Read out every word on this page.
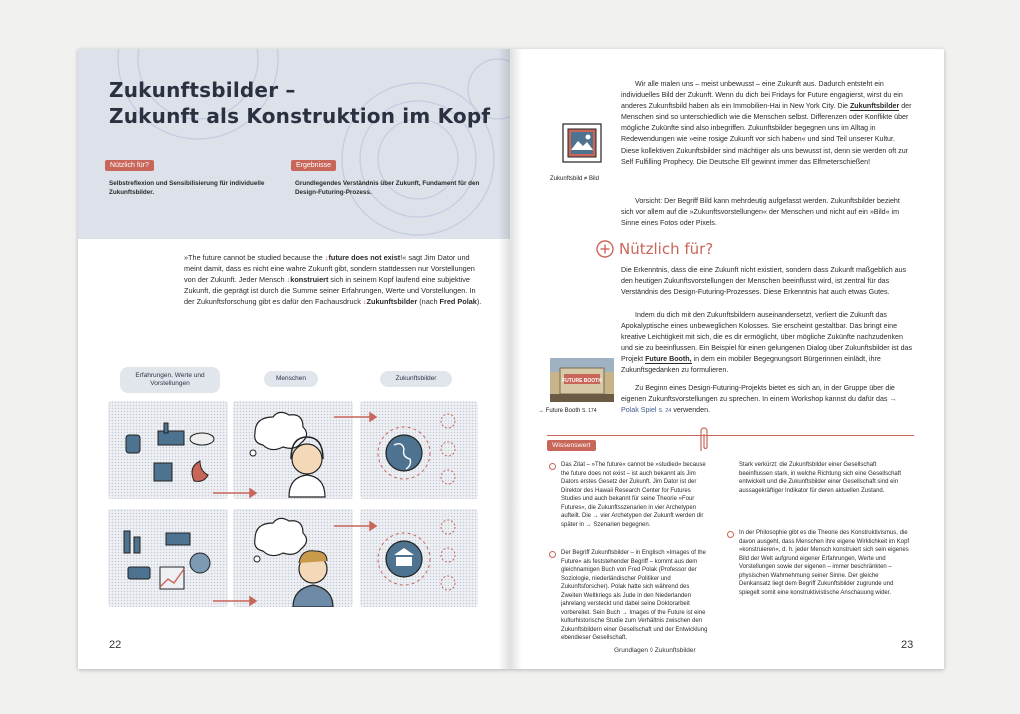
Zukunftsbilder –
Zukunft als Konstruktion im Kopf
Nützlich für?
Selbstreflexion und Sensibilisierung für individuelle Zukunftsbilder.
Ergebnisse
Grundlegendes Verständnis über Zukunft, Fundament für den Design-Futuring-Prozess.
»The future cannot be studied because the ↓future does not exist!« sagt Jim Dator und meint damit, dass es nicht eine wahre Zukunft gibt, sondern stattdessen nur Vorstellungen von der Zukunft. Jeder Mensch ↓konstruiert sich in seinem Kopf laufend eine subjektive Zukunft, die geprägt ist durch die Summe seiner Erfahrungen, Werte und Vorstellungen. In der Zukunftsforschung gibt es dafür den Fachausdruck ↓Zukunftsbilder (nach Fred Polak).
Erfahrungen, Werte und Vorstellungen
Menschen	Zukunftsbilder
22
Wir alle malen uns – meist unbewusst – eine Zukunft aus. Dadurch entsteht ein individuelles Bild der Zukunft. Wenn du dich bei Fridays for Future engagierst, wirst du ein anderes Zukunftsbild haben als ein Immobilien-Hai in New York City. Die Zukunftsbilder der Menschen sind so unterschiedlich wie die Menschen selbst. Differenzen oder Konflikte über mögliche Zukünfte sind also inbegriffen. Zukunftsbilder begegnen uns im Alltag in Redewendungen wie »eine rosige Zukunft vor sich haben« und sind Teil unserer Kultur. Diese kollektiven Zukunftsbilder sind mächtiger als uns bewusst ist, denn sie werden oft zur Self Fulfilling Prophecy. Die Deutsche Elf gewinnt immer das Elfmeterschießen!
Vorsicht: Der Begriff Bild kann mehrdeutig aufgefasst werden. Zukunftsbilder bezieht sich vor allem auf die »Zukunftsvorstellungen« der Menschen und nicht auf ein »Bild« im Sinne eines Fotos oder Pixels.
Zukunftsbild ≠ Bild
Nützlich für?
Die Erkenntnis, dass die eine Zukunft nicht existiert, sondern dass Zukunft maßgeblich aus den heutigen Zukunftsvorstellungen der Menschen beeinflusst wird, ist zentral für das Verständnis des Design-Futuring-Prozesses. Diese Erkenntnis hat auch etwas Gutes.
Indem du dich mit den Zukunftsbildern auseinandersetzt, verliert die Zukunft das Apokalyptische eines unbeweglichen Kolosses. Sie erscheint gestaltbar. Das bringt eine kreative Leichtigkeit mit sich, die es dir ermöglicht, über mögliche Zukünfte nachzudenken und sie zu beeinflussen. Ein Beispiel für einen gelungenen Dialog über Zukunftsbilder ist das Projekt Future Booth, in dem ein mobiler Begegnungsort Bürgerinnen einlädt, ihre Zukunftsgedanken zu formulieren.
Zu Beginn eines Design-Futuring-Projekts bietet es sich an, in der Gruppe über die eigenen Zukunftsvorstellungen zu sprechen. In einem Workshop kannst du dafür das → Polak Spiel S. 24 verwenden.
FUTURE BOOTH
→ Future Booth S. 174
Wissenswert
Das Zitat – »The future« cannot be »studied« because the future does not exist – ist auch bekannt als Jim Dators erstes Gesetz der Zukunft. Jim Dator ist der Direktor des Hawaii Research Center for Futures Studies und auch bekannt für seine Theorie »Four Futures«, die Zukunftsszenarien in vier Archetypen aufteilt. Die → vier Archetypen der Zukunft werden dir später in → Szenarien begegnen.
Der Begriff Zukunftsbilder – in Englisch »Images of the Future« als feststehender Begriff – kommt aus dem gleichnamigen Buch von Fred Polak (Professor der Soziologie, niederländischer Politiker und Zukunftsforscher). Polak hatte sich während des Zweiten Weltkriegs als Jude in den Niederlanden jahrelang versteckt und dabei seine Doktorarbeit vorbereitet. Sein Buch → Images of the Future ist eine kulturhistorische Studie zum Verhältnis zwischen den Zukunftsbildern einer Gesellschaft und der Entwicklung ebendieser Gesellschaft.
Stark verkürzt: die Zukunftsbilder einer Gesellschaft beeinflussen stark, in welche Richtung sich eine Gesellschaft entwickelt und die Zukunftsbilder einer Gesellschaft sind ein aussagekräftiger Indikator für deren aktuellen Zustand.
In der Philosophie gibt es die Theorie des Konstruktivismus, die davon ausgeht, dass Menschen ihre eigene Wirklichkeit im Kopf »konstruieren«, d. h. jeder Mensch konstruiert sich sein eigenes Bild der Welt aufgrund eigener Erfahrungen, Werte und Vorstellungen sowie der eigenen – immer beschränkten – physischen Wahrnehmung seiner Sinne. Der gleiche Denkansatz liegt dem Begriff Zukunftsbilder zugrunde und spiegelt somit eine konstruktivistische Anschauung wider.
Grundlagen ◊ Zukunftsbilder	23
